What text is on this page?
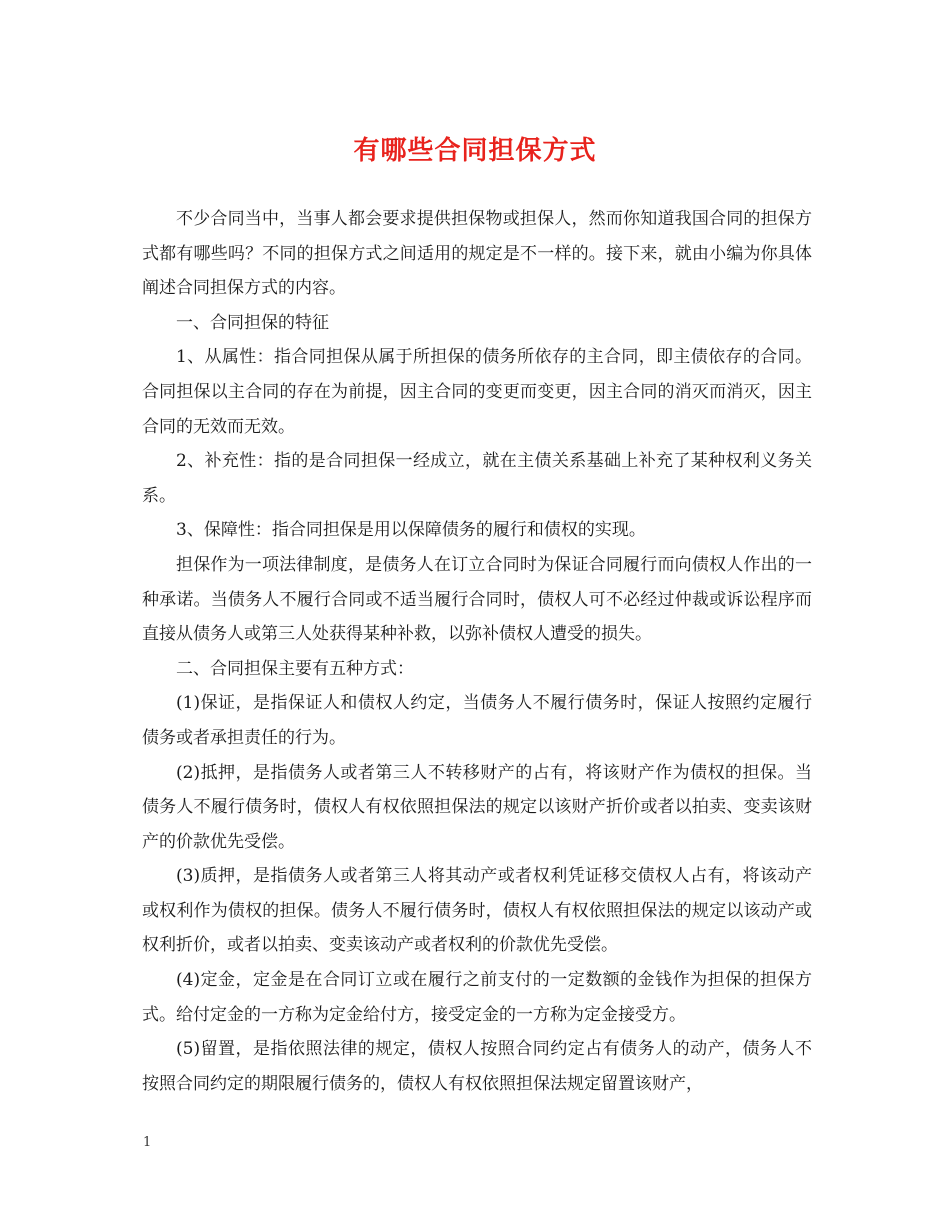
有哪些合同担保方式

不少合同当中，当事人都会要求提供担保物或担保人，然而你知道我国合同的担保方式都有哪些吗？不同的担保方式之间适用的规定是不一样的。接下来，就由小编为你具体阐述合同担保方式的内容。

一、合同担保的特征

1、从属性：指合同担保从属于所担保的债务所依存的主合同，即主债依存的合同。合同担保以主合同的存在为前提，因主合同的变更而变更，因主合同的消灭而消灭，因主合同的无效而无效。

2、补充性：指的是合同担保一经成立，就在主债关系基础上补充了某种权利义务关系。

3、保障性：指合同担保是用以保障债务的履行和债权的实现。

担保作为一项法律制度，是债务人在订立合同时为保证合同履行而向债权人作出的一种承诺。当债务人不履行合同或不适当履行合同时，债权人可不必经过仲裁或诉讼程序而直接从债务人或第三人处获得某种补救，以弥补债权人遭受的损失。

二、合同担保主要有五种方式：

(1)保证，是指保证人和债权人约定，当债务人不履行债务时，保证人按照约定履行债务或者承担责任的行为。

(2)抵押，是指债务人或者第三人不转移财产的占有，将该财产作为债权的担保。当债务人不履行债务时，债权人有权依照担保法的规定以该财产折价或者以拍卖、变卖该财产的价款优先受偿。

(3)质押，是指债务人或者第三人将其动产或者权利凭证移交债权人占有，将该动产或权利作为债权的担保。债务人不履行债务时，债权人有权依照担保法的规定以该动产或权利折价，或者以拍卖、变卖该动产或者权利的价款优先受偿。

(4)定金，定金是在合同订立或在履行之前支付的一定数额的金钱作为担保的担保方式。给付定金的一方称为定金给付方，接受定金的一方称为定金接受方。

(5)留置，是指依照法律的规定，债权人按照合同约定占有债务人的动产，债务人不按照合同约定的期限履行债务的，债权人有权依照担保法规定留置该财产，

1
